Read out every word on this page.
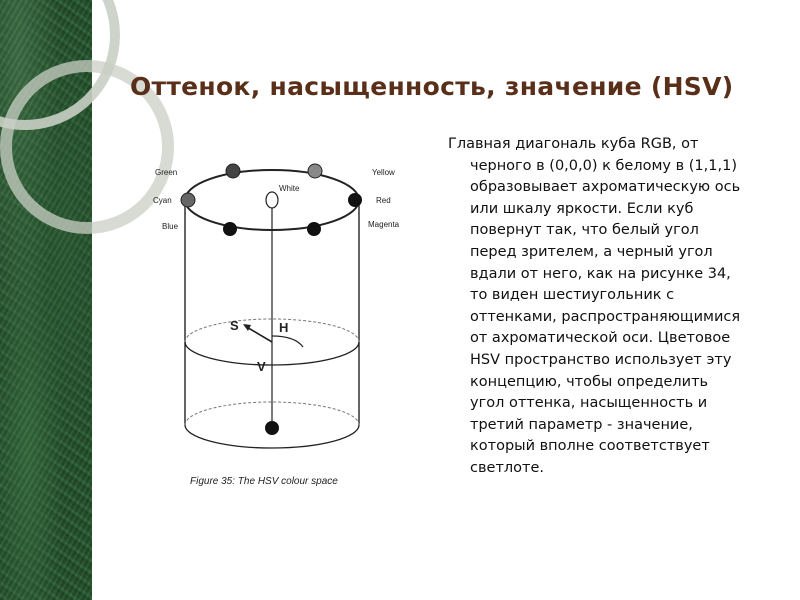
Оттенок, насыщенность, значение (HSV)
Green
Cyan
Blue
Yellow
Red
Magenta
White
S	H
V
Figure 35: The HSV colour space
Главная диагональ куба RGB, от
черного в (0,0,0) к белому в (1,1,1)
образовывает ахроматическую ось
или шкалу яркости. Если куб
повернут так, что белый угол
перед зрителем, а черный угол
вдали от него, как на рисунке 34,
то виден шестиугольник с
оттенками, распространяющимися
от ахроматической оси. Цветовое
HSV пространство использует эту
концепцию, чтобы определить
угол оттенка, насыщенность и
третий параметр - значение,
который вполне соответствует
светлоте.
